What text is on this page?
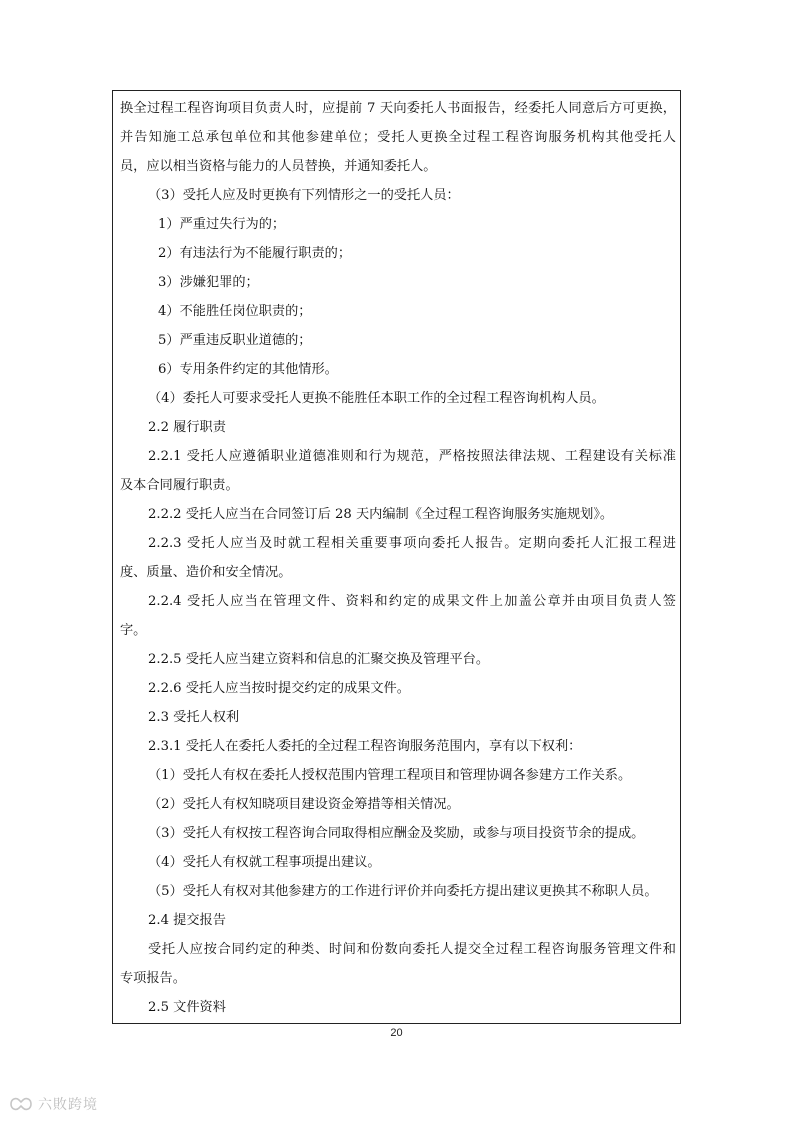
换全过程工程咨询项目负责人时，应提前 7 天向委托人书面报告，经委托人同意后方可更换，
并告知施工总承包单位和其他参建单位；受托人更换全过程工程咨询服务机构其他受托人
员，应以相当资格与能力的人员替换，并通知委托人。
（3）受托人应及时更换有下列情形之一的受托人员：
1）严重过失行为的；
2）有违法行为不能履行职责的；
3）涉嫌犯罪的；
4）不能胜任岗位职责的；
5）严重违反职业道德的；
6）专用条件约定的其他情形。
（4）委托人可要求受托人更换不能胜任本职工作的全过程工程咨询机构人员。
2.2 履行职责
2.2.1 受托人应遵循职业道德准则和行为规范，严格按照法律法规、工程建设有关标准
及本合同履行职责。
2.2.2 受托人应当在合同签订后 28 天内编制《全过程工程咨询服务实施规划》。
2.2.3 受托人应当及时就工程相关重要事项向委托人报告。定期向委托人汇报工程进
度、质量、造价和安全情况。
2.2.4 受托人应当在管理文件、资料和约定的成果文件上加盖公章并由项目负责人签
字。
2.2.5 受托人应当建立资料和信息的汇聚交换及管理平台。
2.2.6 受托人应当按时提交约定的成果文件。
2.3 受托人权利
2.3.1 受托人在委托人委托的全过程工程咨询服务范围内，享有以下权利：
（1）受托人有权在委托人授权范围内管理工程项目和管理协调各参建方工作关系。
（2）受托人有权知晓项目建设资金筹措等相关情况。
（3）受托人有权按工程咨询合同取得相应酬金及奖励，或参与项目投资节余的提成。
（4）受托人有权就工程事项提出建议。
（5）受托人有权对其他参建方的工作进行评价并向委托方提出建议更换其不称职人员。
2.4 提交报告
受托人应按合同约定的种类、时间和份数向委托人提交全过程工程咨询服务管理文件和
专项报告。
2.5 文件资料
20
六敗跨境
